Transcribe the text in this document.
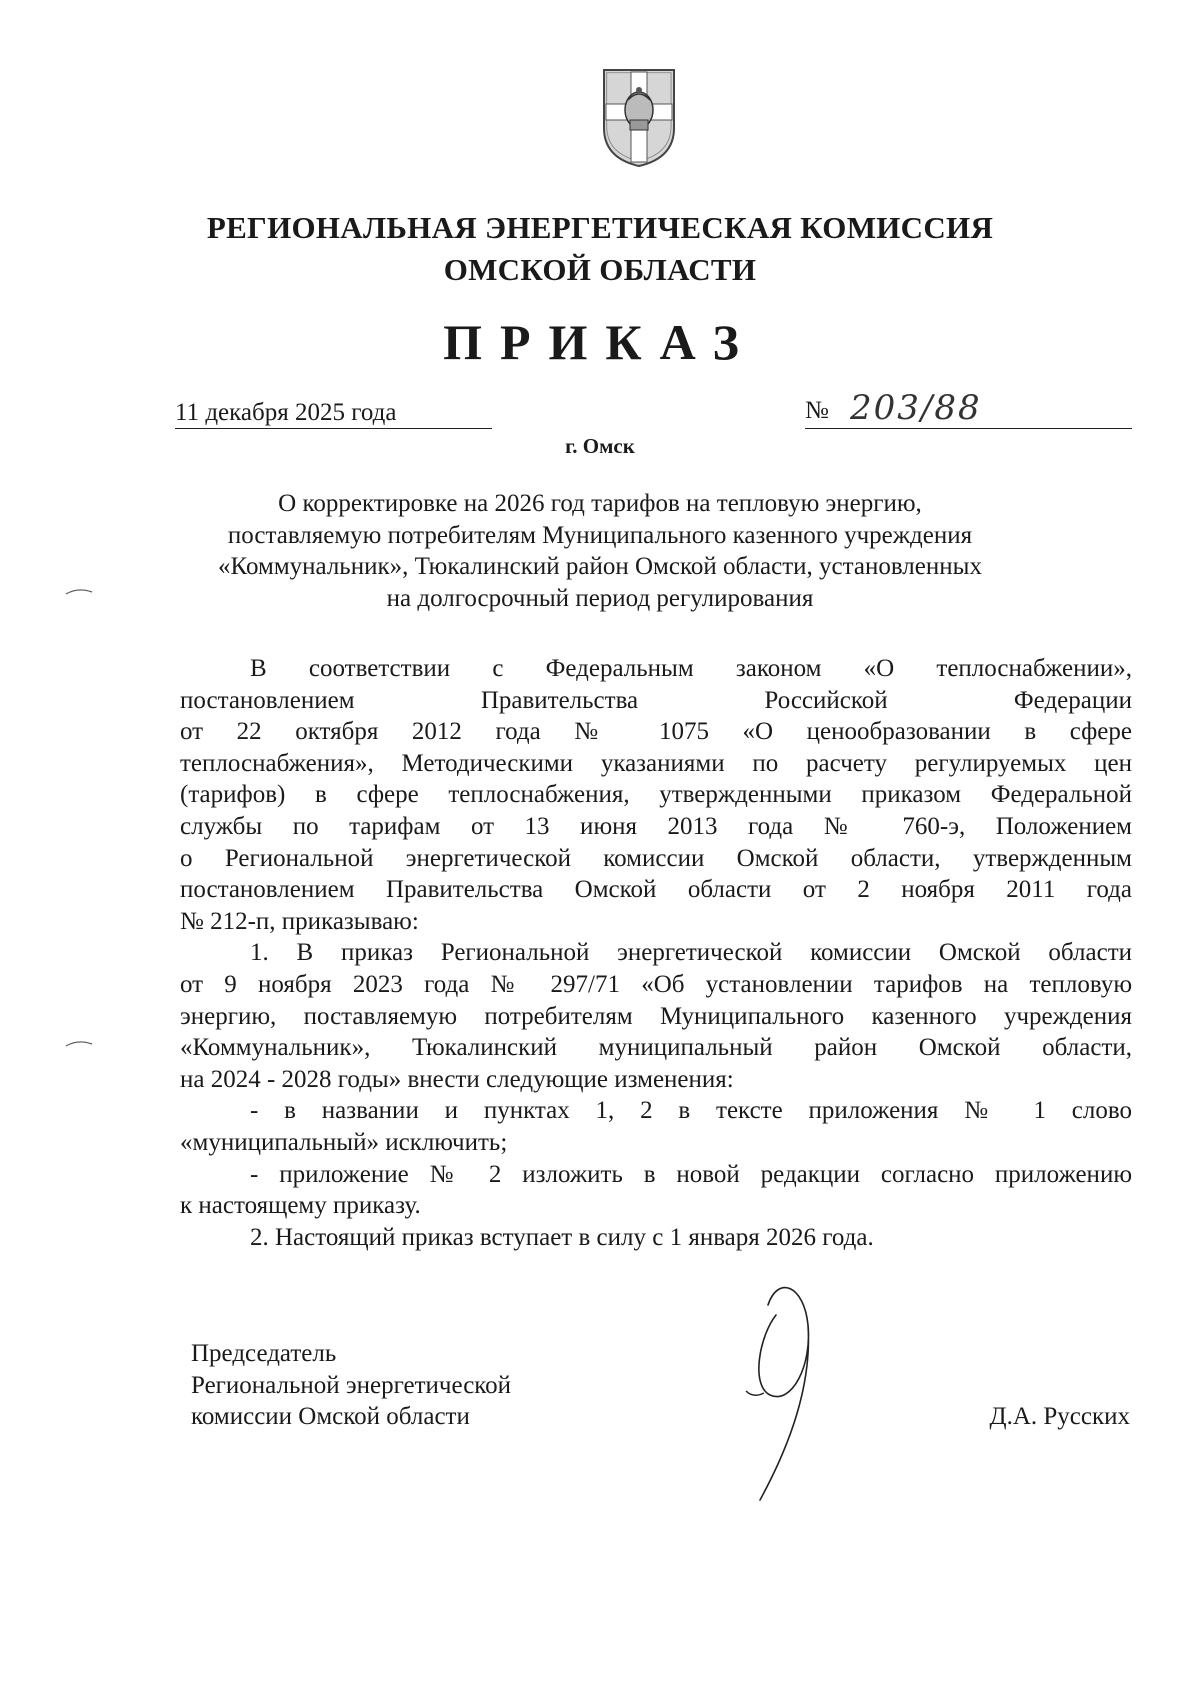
РЕГИОНАЛЬНАЯ ЭНЕРГЕТИЧЕСКАЯ КОМИССИЯ
ОМСКОЙ ОБЛАСТИ
ПРИКАЗ
11 декабря 2025 года	№ 203/88
г. Омск
О корректировке на 2026 год тарифов на тепловую энергию,
поставляемую потребителям Муниципального казенного учреждения
«Коммунальник», Тюкалинский район Омской области, установленных
на долгосрочный период регулирования
В соответствии с Федеральным законом «О теплоснабжении»,
постановлением Правительства Российской Федерации
от 22 октября 2012 года № 1075 «О ценообразовании в сфере
теплоснабжения», Методическими указаниями по расчету регулируемых цен
(тарифов) в сфере теплоснабжения, утвержденными приказом Федеральной
службы по тарифам от 13 июня 2013 года № 760-э, Положением
о Региональной энергетической комиссии Омской области, утвержденным
постановлением Правительства Омской области от 2 ноября 2011 года
№ 212-п, приказываю:
1. В приказ Региональной энергетической комиссии Омской области
от 9 ноября 2023 года № 297/71 «Об установлении тарифов на тепловую
энергию, поставляемую потребителям Муниципального казенного учреждения
«Коммунальник», Тюкалинский муниципальный район Омской области,
на 2024 - 2028 годы» внести следующие изменения:
- в названии и пунктах 1, 2 в тексте приложения № 1 слово
«муниципальный» исключить;
- приложение № 2 изложить в новой редакции согласно приложению
к настоящему приказу.
2. Настоящий приказ вступает в силу с 1 января 2026 года.
Председатель
Региональной энергетической
комиссии Омской области	Д.А. Русских
